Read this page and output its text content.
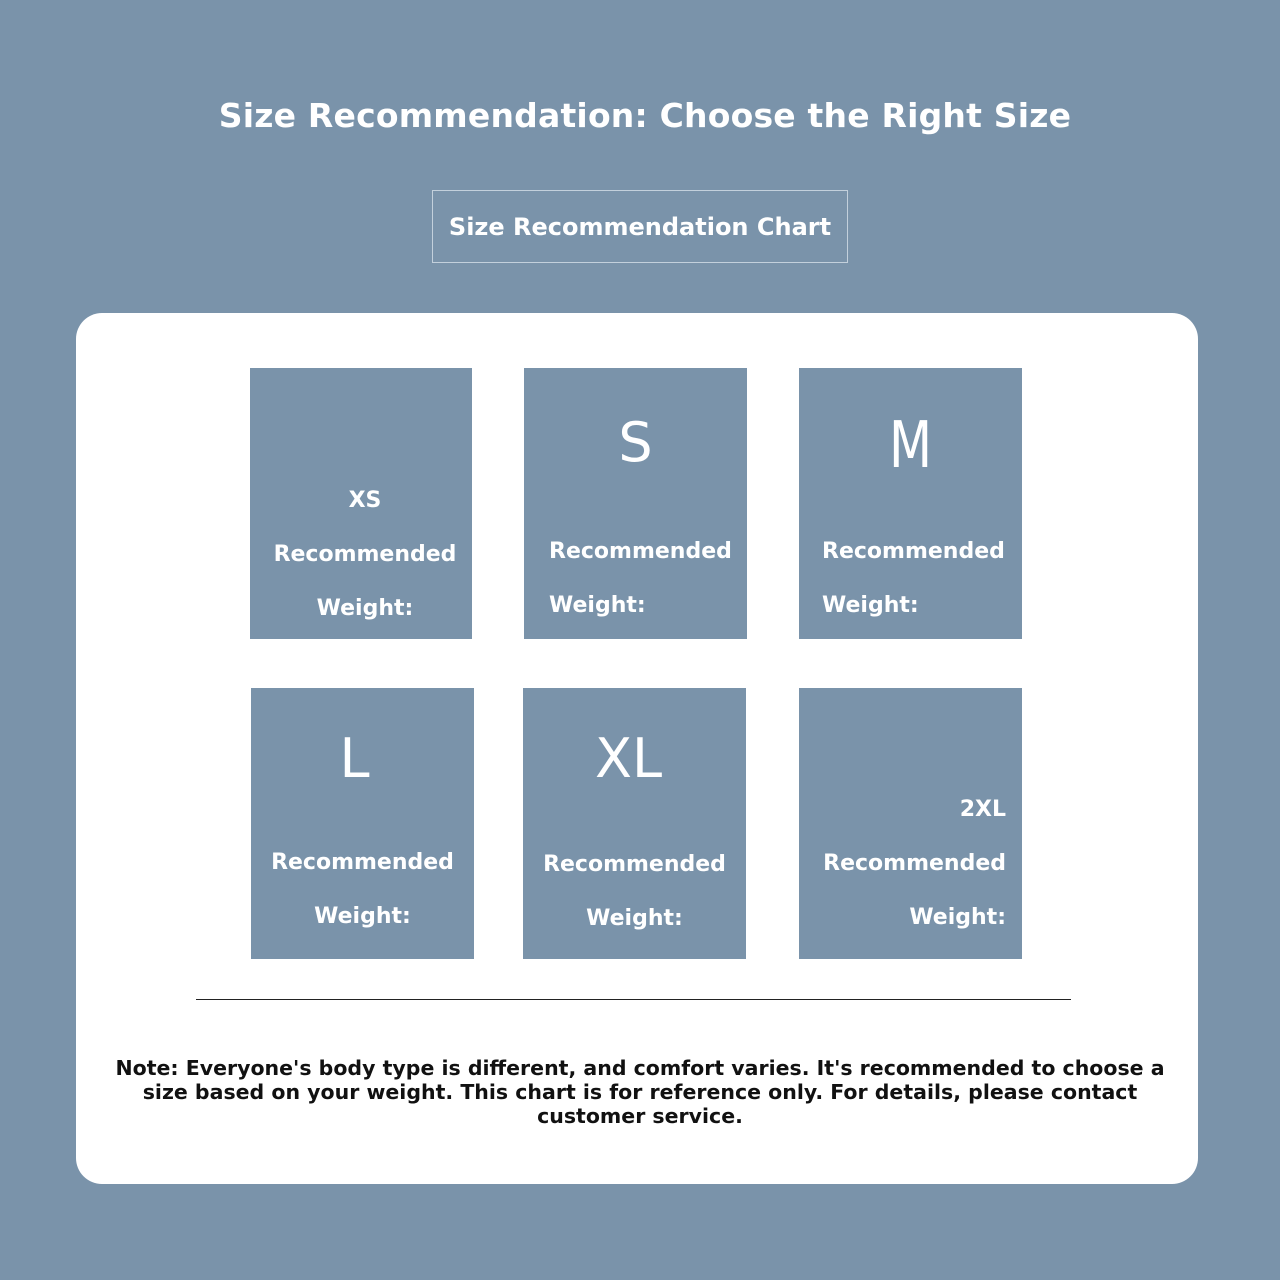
Size Recommendation: Choose the Right Size
Size Recommendation Chart

XS

Recommended

Weight:

45-50kg

S

Recommended

Weight:

50-55kg

M

Recommended

Weight:

55-60kg

L

Recommended

Weight:

60-65kg

XL

Recommended

Weight:

70-75kg

2XL

Recommended

Weight:

75-80kg

Note: Everyone's body type is different, and comfort varies. It's recommended to choose a size based on your weight. This chart is for reference only. For details, please contact customer service.
